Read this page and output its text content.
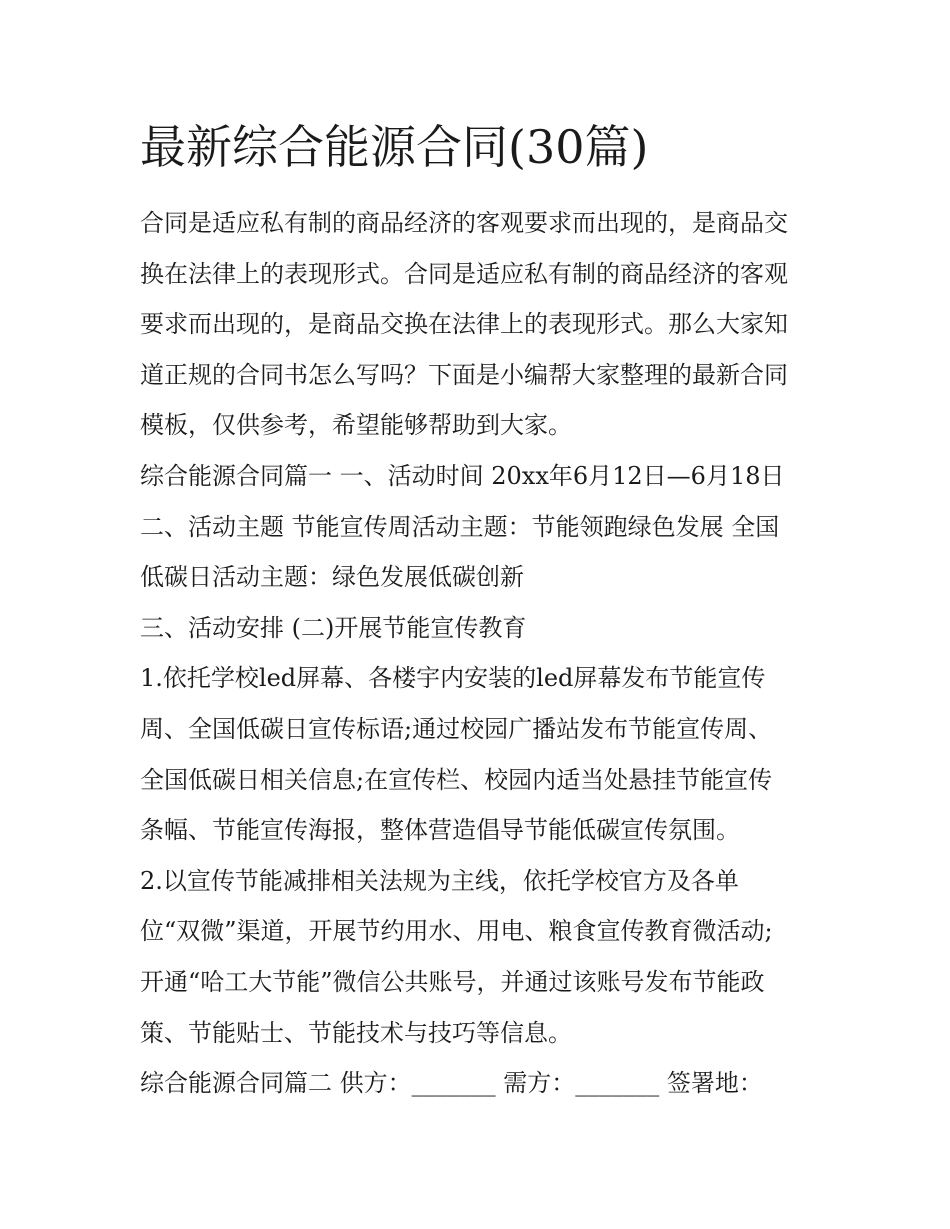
最新综合能源合同(30篇)

合同是适应私有制的商品经济的客观要求而出现的，是商品交

换在法律上的表现形式。合同是适应私有制的商品经济的客观

要求而出现的，是商品交换在法律上的表现形式。那么大家知

道正规的合同书怎么写吗？下面是小编帮大家整理的最新合同

模板，仅供参考，希望能够帮助到大家。

综合能源合同篇一 一、活动时间 20xx年6月12日—6月18日

二、活动主题 节能宣传周活动主题：节能领跑绿色发展 全国

低碳日活动主题：绿色发展低碳创新

三、活动安排 (二)开展节能宣传教育

1.依托学校led屏幕、各楼宇内安装的led屏幕发布节能宣传

周、全国低碳日宣传标语;通过校园广播站发布节能宣传周、

全国低碳日相关信息;在宣传栏、校园内适当处悬挂节能宣传

条幅、节能宣传海报，整体营造倡导节能低碳宣传氛围。

2.以宣传节能减排相关法规为主线，依托学校官方及各单

位“双微”渠道，开展节约用水、用电、粮食宣传教育微活动;

开通“哈工大节能”微信公共账号，并通过该账号发布节能政

策、节能贴士、节能技术与技巧等信息。

综合能源合同篇二 供方：_______ 需方：_______ 签署地：
